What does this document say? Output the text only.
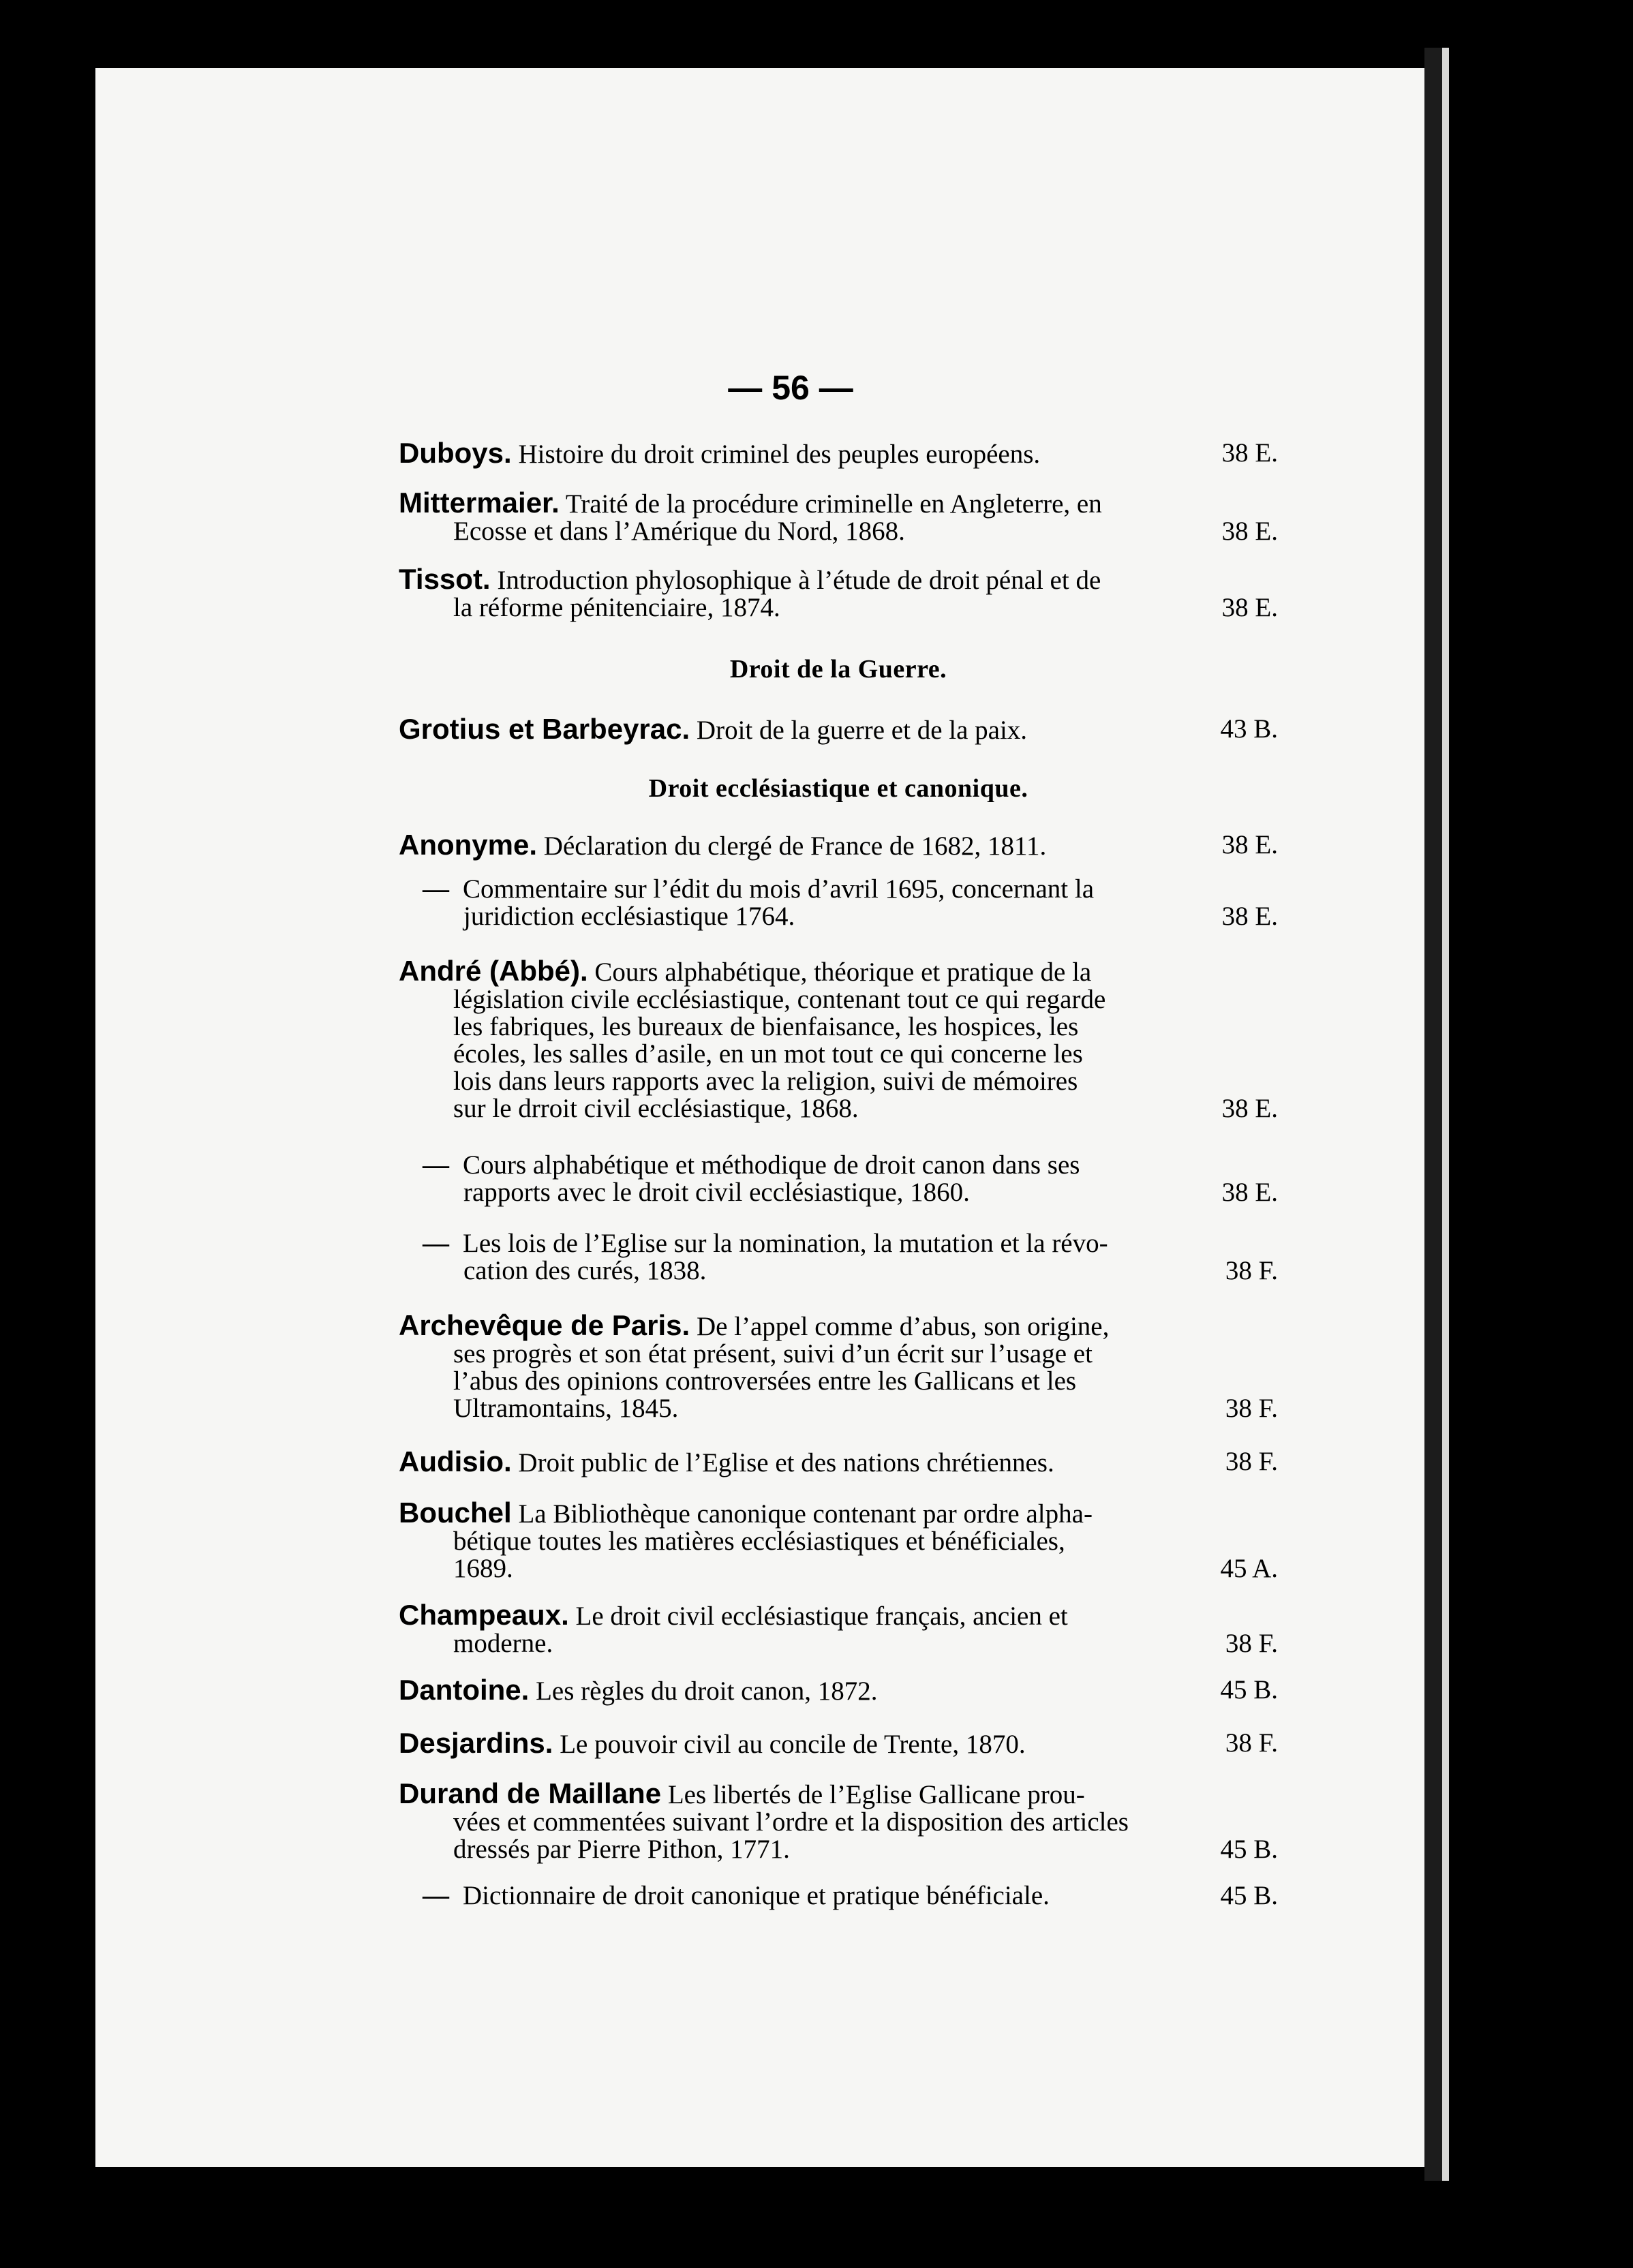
— 56 —
Duboys. Histoire du droit criminel des peuples européens.	38 E.
Mittermaier. Traité de la procédure criminelle en Angleterre, en
Ecosse et dans l’Amérique du Nord, 1868.	38 E.
Tissot. Introduction phylosophique à l’étude de droit pénal et de
la réforme pénitenciaire, 1874.	38 E.
Droit de la Guerre.
Grotius et Barbeyrac. Droit de la guerre et de la paix.	43 B.
Droit ecclésiastique et canonique.
Anonyme. Déclaration du clergé de France de 1682, 1811.	38 E.
— Commentaire sur l’édit du mois d’avril 1695, concernant la
juridiction ecclésiastique 1764.	38 E.
André (Abbé). Cours alphabétique, théorique et pratique de la
législation civile ecclésiastique, contenant tout ce qui regarde
les fabriques, les bureaux de bienfaisance, les hospices, les
écoles, les salles d’asile, en un mot tout ce qui concerne les
lois dans leurs rapports avec la religion, suivi de mémoires
sur le drroit civil ecclésiastique, 1868.	38 E.
— Cours alphabétique et méthodique de droit canon dans ses
rapports avec le droit civil ecclésiastique, 1860.	38 E.
— Les lois de l’Eglise sur la nomination, la mutation et la révo-
cation des curés, 1838.	38 F.
Archevêque de Paris. De l’appel comme d’abus, son origine,
ses progrès et son état présent, suivi d’un écrit sur l’usage et
l’abus des opinions controversées entre les Gallicans et les
Ultramontains, 1845.	38 F.
Audisio. Droit public de l’Eglise et des nations chrétiennes.	38 F.
Bouchel La Bibliothèque canonique contenant par ordre alpha-
bétique toutes les matières ecclésiastiques et bénéficiales,
1689.	45 A.
Champeaux. Le droit civil ecclésiastique français, ancien et
moderne.	38 F.
Dantoine. Les règles du droit canon, 1872.	45 B.
Desjardins. Le pouvoir civil au concile de Trente, 1870.	38 F.
Durand de Maillane Les libertés de l’Eglise Gallicane prou-
vées et commentées suivant l’ordre et la disposition des articles
dressés par Pierre Pithon, 1771.	45 B.
— Dictionnaire de droit canonique et pratique bénéficiale.	45 B.
